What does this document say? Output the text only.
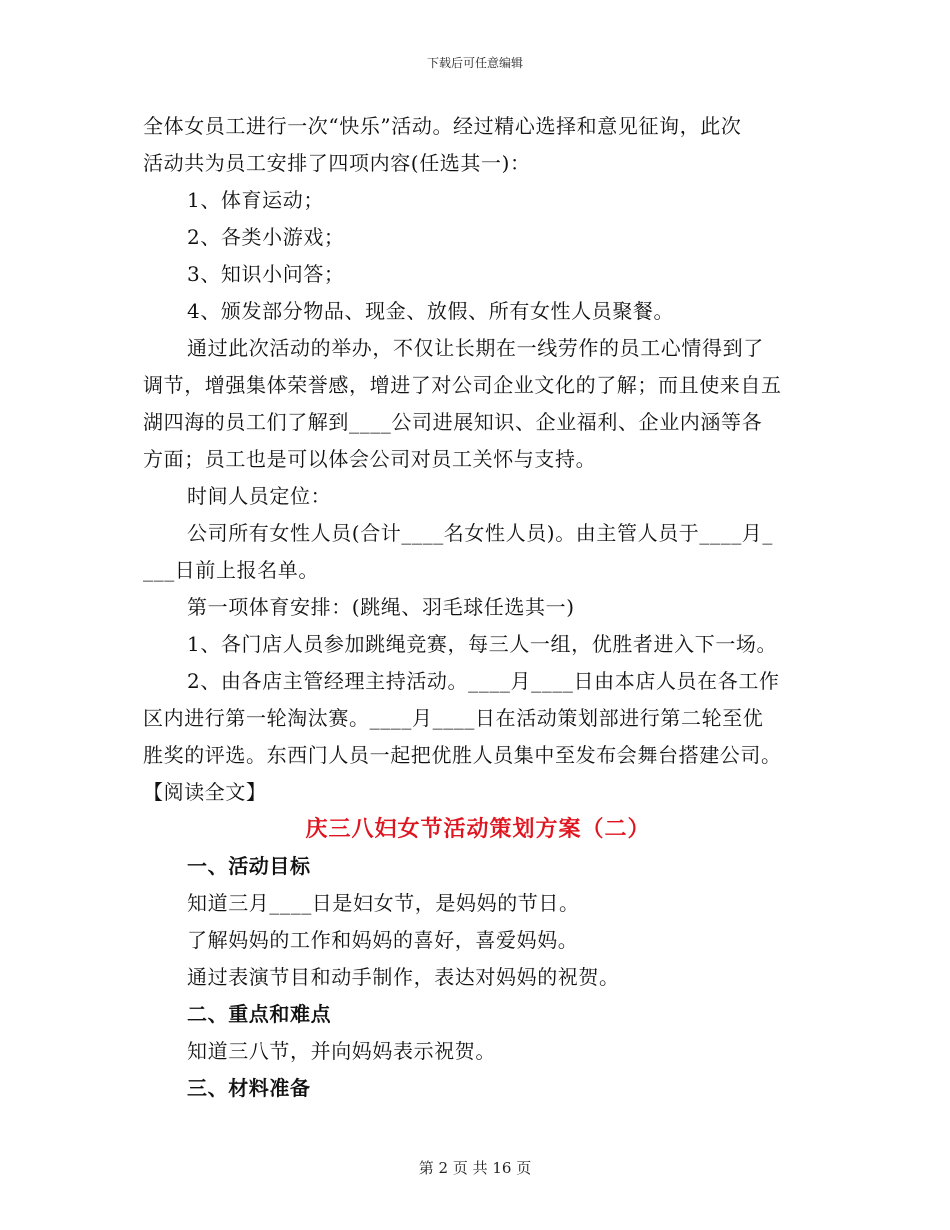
下载后可任意编辑
全体女员工进行一次“快乐”活动。经过精心选择和意见征询，此次
活动共为员工安排了四项内容(任选其一)：
1、体育运动；
2、各类小游戏；
3、知识小问答；
4、颁发部分物品、现金、放假、所有女性人员聚餐。
通过此次活动的举办，不仅让长期在一线劳作的员工心情得到了
调节，增强集体荣誉感，增进了对公司企业文化的了解；而且使来自五
湖四海的员工们了解到____公司进展知识、企业福利、企业内涵等各
方面；员工也是可以体会公司对员工关怀与支持。
时间人员定位：
公司所有女性人员(合计____名女性人员)。由主管人员于____月_
___日前上报名单。
第一项体育安排：(跳绳、羽毛球任选其一)
1、各门店人员参加跳绳竞赛，每三人一组，优胜者进入下一场。
2、由各店主管经理主持活动。____月____日由本店人员在各工作
区内进行第一轮淘汰赛。____月____日在活动策划部进行第二轮至优
胜奖的评选。东西门人员一起把优胜人员集中至发布会舞台搭建公司。
【阅读全文】
庆三八妇女节活动策划方案（二）
一、活动目标
知道三月____日是妇女节，是妈妈的节日。
了解妈妈的工作和妈妈的喜好，喜爱妈妈。
通过表演节目和动手制作，表达对妈妈的祝贺。
二、重点和难点
知道三八节，并向妈妈表示祝贺。
三、材料准备
第 2 页 共 16 页
